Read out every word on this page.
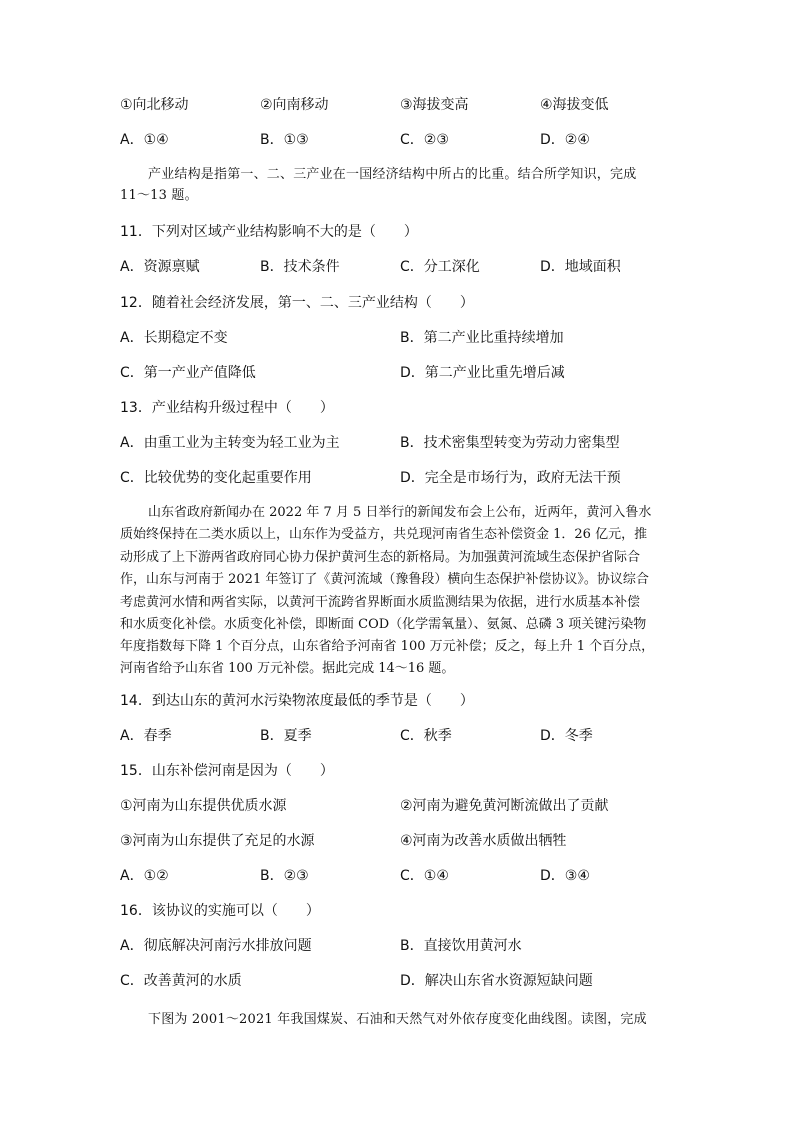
①向北移动	②向南移动	③海拔变高	④海拔变低
A．①④	B．①③	C．②③	D．②④
产业结构是指第一、二、三产业在一国经济结构中所占的比重。结合所学知识，完成
11～13 题。
11．下列对区域产业结构影响不大的是（　　）
A．资源禀赋	B．技术条件	C．分工深化	D．地域面积
12．随着社会经济发展，第一、二、三产业结构（　　）
A．长期稳定不变	B．第二产业比重持续增加
C．第一产业产值降低	D．第二产业比重先增后减
13．产业结构升级过程中（　　）
A．由重工业为主转变为轻工业为主	B．技术密集型转变为劳动力密集型
C．比较优势的变化起重要作用	D．完全是市场行为，政府无法干预
山东省政府新闻办在 2022 年 7 月 5 日举行的新闻发布会上公布，近两年，黄河入鲁水
质始终保持在二类水质以上，山东作为受益方，共兑现河南省生态补偿资金 1．26 亿元，推
动形成了上下游两省政府同心协力保护黄河生态的新格局。为加强黄河流域生态保护省际合
作，山东与河南于 2021 年签订了《黄河流域（豫鲁段）横向生态保护补偿协议》。协议综合
考虑黄河水情和两省实际，以黄河干流跨省界断面水质监测结果为依据，进行水质基本补偿
和水质变化补偿。水质变化补偿，即断面 COD（化学需氧量）、氨氮、总磷 3 项关键污染物
年度指数每下降 1 个百分点，山东省给予河南省 100 万元补偿；反之，每上升 1 个百分点，
河南省给予山东省 100 万元补偿。据此完成 14～16 题。
14．到达山东的黄河水污染物浓度最低的季节是（　　）
A．春季	B．夏季	C．秋季	D．冬季
15．山东补偿河南是因为（　　）
①河南为山东提供优质水源	②河南为避免黄河断流做出了贡献
③河南为山东提供了充足的水源	④河南为改善水质做出牺牲
A．①②	B．②③	C．①④	D．③④
16．该协议的实施可以（　　）
A．彻底解决河南污水排放问题	B．直接饮用黄河水
C．改善黄河的水质	D．解决山东省水资源短缺问题
下图为 2001～2021 年我国煤炭、石油和天然气对外依存度变化曲线图。读图，完成
